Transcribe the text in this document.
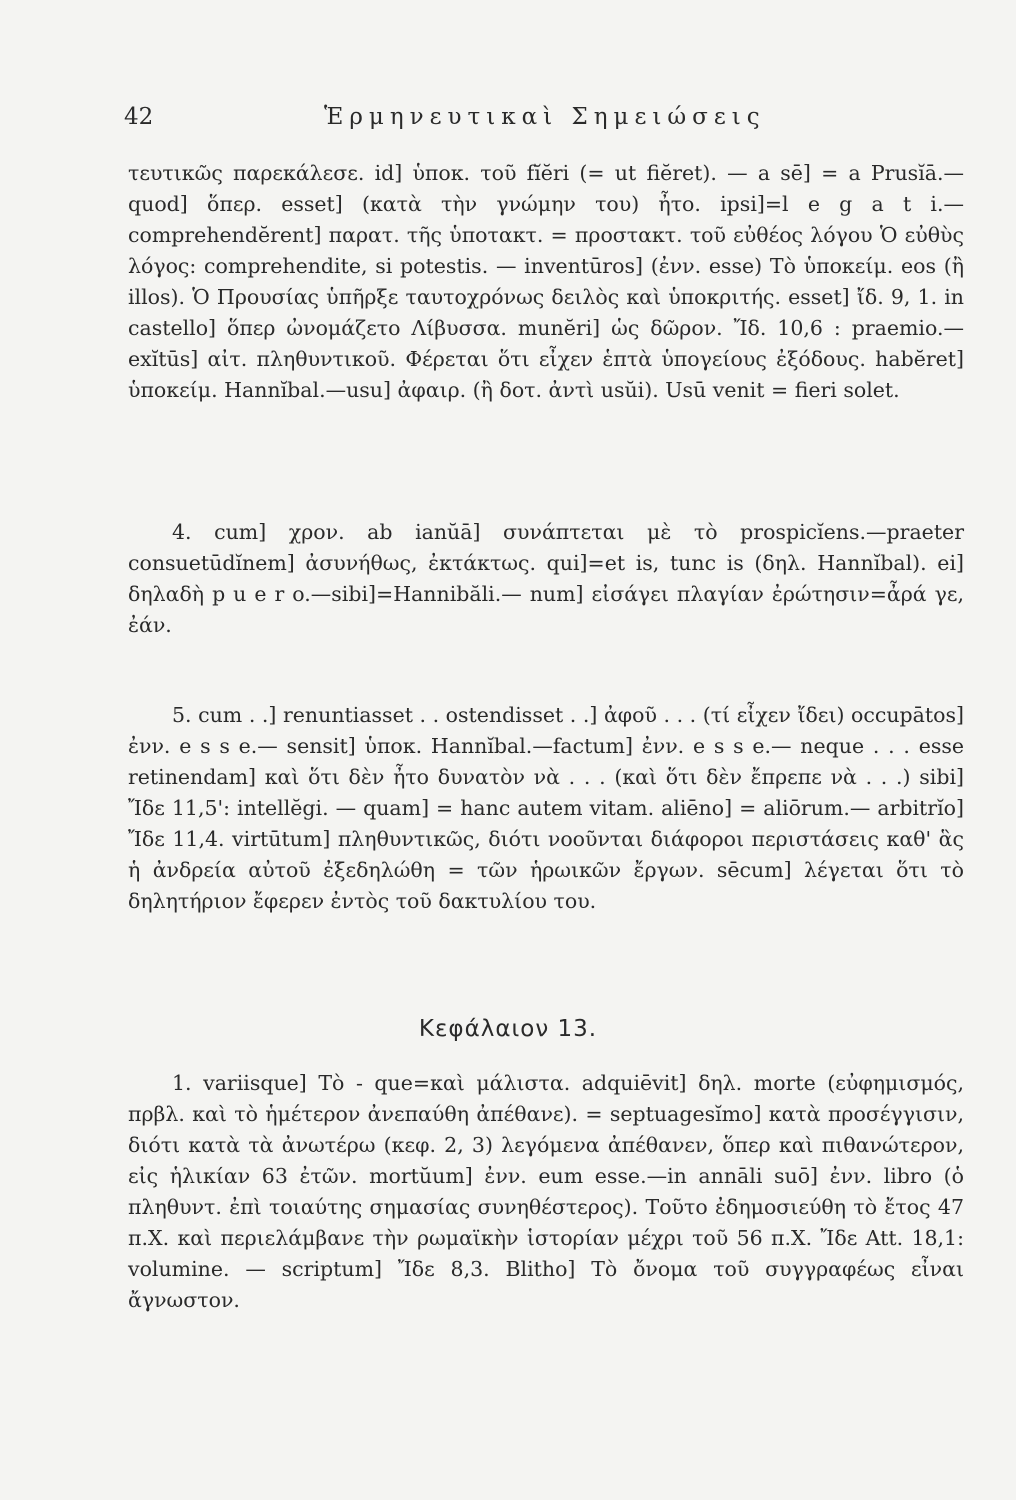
42	Ἑρμηνευτικαὶ Σημειώσεις

τευτικῶς παρεκάλεσε. id] ὑποκ. τοῦ fĭĕri (= ut fiĕret). — a sē] = a Prusĭā.—quod] ὅπερ. esset] (κατὰ τὴν γνώμην του) ἦτο. ipsi]=l e g a t i.—comprehendĕrent] παρατ. τῆς ὑποτακτ. = προστακτ. τοῦ εὐθέος λόγου Ὁ εὐθὺς λόγος: comprehendite, si potestis. — inventūros] (ἐνν. esse) Τὸ ὑποκείμ. eos (ἢ illos). Ὁ Προυσίας ὑπῆρξε ταυτοχρόνως δειλὸς καὶ ὑποκριτής. esset] ἴδ. 9, 1. in castello] ὅπερ ὠνομάζετο Λίβυσσα. munĕri] ὡς δῶρον. Ἴδ. 10,6 : praemio.—exĭtūs] αἰτ. πληθυντικοῦ. Φέρεται ὅτι εἶχεν ἑπτὰ ὑπογείους ἐξόδους. habĕret] ὑποκείμ. Hannĭbal.—usu] ἀφαιρ. (ἢ δοτ. ἀντὶ usŭi). Usū venit = fieri solet.

4. cum] χρον. ab ianŭā] συνάπτεται μὲ τὸ prospicĭens.—praeter consuetūdĭnem] ἀσυνήθως, ἐκτάκτως. qui]=et is, tunc is (δηλ. Hannĭbal). ei] δηλαδὴ p u e r o.—sibi]=Hannibăli.— num] εἰσάγει πλαγίαν ἐρώτησιν=ἆρά γε, ἐάν.

5. cum . .] renuntiasset . . ostendisset . .] ἀφοῦ . . . (τί εἶχεν ἴδει) occupātos] ἐνν. e s s e.— sensit] ὑποκ. Hannĭbal.—factum] ἐνν. e s s e.— neque . . . esse retinendam] καὶ ὅτι δὲν ἦτο δυνατὸν νὰ . . . (καὶ ὅτι δὲν ἔπρεπε νὰ . . .) sibi] Ἴδε 11,5': intellĕgi. — quam] = hanc autem vitam. aliēno] = aliōrum.— arbitrĭo] Ἴδε 11,4. virtūtum] πληθυντικῶς, διότι νοοῦνται διάφοροι περιστάσεις καθ' ἃς ἡ ἀνδρεία αὐτοῦ ἐξεδηλώθη = τῶν ἡρωικῶν ἔργων. sēcum] λέγεται ὅτι τὸ δηλητήριον ἔφερεν ἐντὸς τοῦ δακτυλίου του.

Κεφάλαιον 13.

1. variisque] Τὸ - que=καὶ μάλιστα. adquiēvit] δηλ. morte (εὐφημισμός, πρβλ. καὶ τὸ ἡμέτερον ἀνεπαύθη ἀπέθανε). = septuagesĭmo] κατὰ προσέγγισιν, διότι κατὰ τὰ ἀνωτέρω (κεφ. 2, 3) λεγόμενα ἀπέθανεν, ὅπερ καὶ πιθανώτερον, εἰς ἡλικίαν 63 ἐτῶν. mortŭum] ἐνν. eum esse.—in annāli suō] ἐνν. libro (ὁ πληθυντ. ἐπὶ τοιαύτης σημασίας συνηθέστερος). Τοῦτο ἐδημοσιεύθη τὸ ἔτος 47 π.Χ. καὶ περιελάμβανε τὴν ρωμαϊκὴν ἱστορίαν μέχρι τοῦ 56 π.Χ. Ἴδε Att. 18,1: volumine. — scriptum] Ἴδε 8,3. Blitho] Τὸ ὄνομα τοῦ συγγραφέως εἶναι ἄγνωστον.
